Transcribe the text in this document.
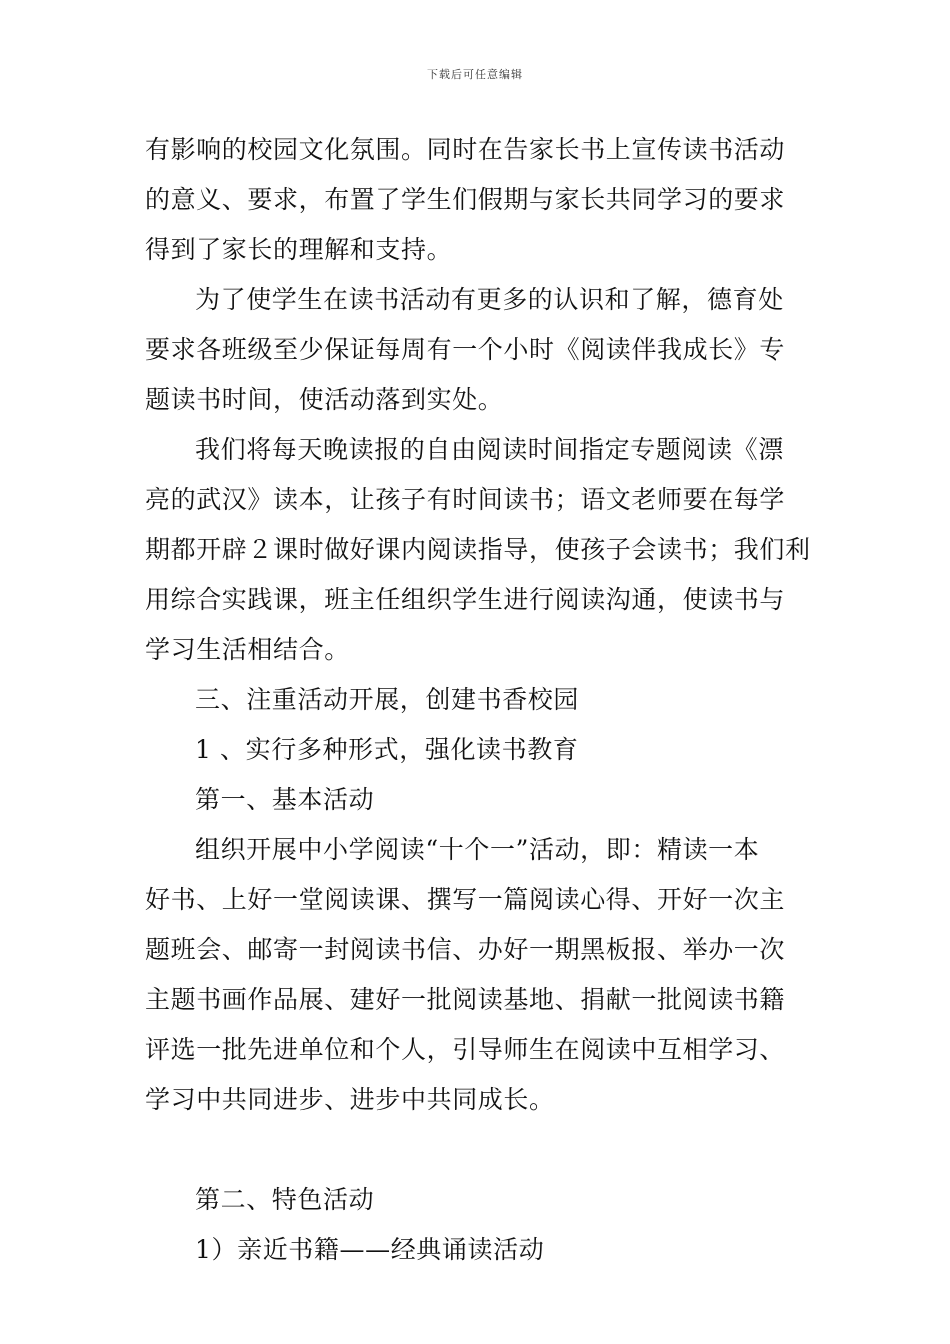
下载后可任意编辑
有影响的校园文化氛围。同时在告家长书上宣传读书活动
的意义、要求，布置了学生们假期与家长共同学习的要求
得到了家长的理解和支持。
为了使学生在读书活动有更多的认识和了解，德育处
要求各班级至少保证每周有一个小时《阅读伴我成长》专
题读书时间，使活动落到实处。
我们将每天晚读报的自由阅读时间指定专题阅读《漂
亮的武汉》读本，让孩子有时间读书；语文老师要在每学
期都开辟２课时做好课内阅读指导，使孩子会读书；我们利
用综合实践课，班主任组织学生进行阅读沟通，使读书与
学习生活相结合。
三、注重活动开展，创建书香校园
1 、实行多种形式，强化读书教育
第一、基本活动
组织开展中小学阅读“十个一”活动，即：精读一本
好书、上好一堂阅读课、撰写一篇阅读心得、开好一次主
题班会、邮寄一封阅读书信、办好一期黑板报、举办一次
主题书画作品展、建好一批阅读基地、捐献一批阅读书籍
评选一批先进单位和个人，引导师生在阅读中互相学习、
学习中共同进步、进步中共同成长。
第二、特色活动
1）亲近书籍——经典诵读活动
